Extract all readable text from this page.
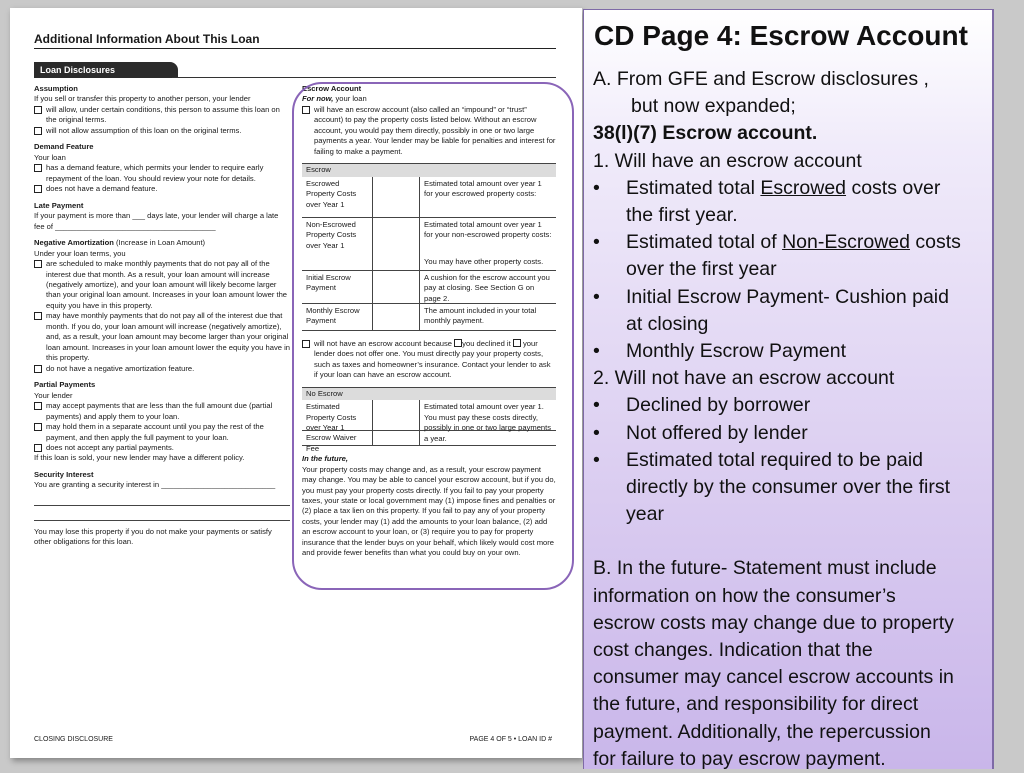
Additional Information About This Loan
Loan Disclosures
Assumption
If you sell or transfer this property to another person, your lender
will allow, under certain conditions, this person to assume this loan on the original terms.
will not allow assumption of this loan on the original terms.
Demand Feature
Your loan
has a demand feature, which permits your lender to require early repayment of the loan. You should review your note for details.
does not have a demand feature.
Late Payment
If your payment is more than ___ days late, your lender will charge a late fee of ______________________________________
Negative Amortization (Increase in Loan Amount)
Under your loan terms, you
are scheduled to make monthly payments that do not pay all of the interest due that month. As a result, your loan amount will increase (negatively amortize), and your loan amount will likely become larger than your original loan amount. Increases in your loan amount lower the equity you have in this property.
may have monthly payments that do not pay all of the interest due that month. If you do, your loan amount will increase (negatively amortize), and, as a result, your loan amount may become larger than your original loan amount. Increases in your loan amount lower the equity you have in this property.
do not have a negative amortization feature.
Partial Payments
Your lender
may accept payments that are less than the full amount due (partial payments) and apply them to your loan.
may hold them in a separate account until you pay the rest of the payment, and then apply the full payment to your loan.
does not accept any partial payments.
If this loan is sold, your new lender may have a different policy.
Security Interest
You are granting a security interest in ___________________________
You may lose this property if you do not make your payments or satisfy other obligations for this loan.
Escrow Account
For now, your loan
will have an escrow account (also called an “impound” or “trust” account) to pay the property costs listed below. Without an escrow account, you would pay them directly, possibly in one or two large payments a year. Your lender may be liable for penalties and interest for failing to make a payment.
Escrow
Escrowed Property Costs over Year 1
Estimated total amount over year 1 for your escrowed property costs:
Non-Escrowed Property Costs over Year 1
Estimated total amount over year 1 for your non-escrowed property costs:
You may have other property costs.
Initial Escrow Payment
A cushion for the escrow account you pay at closing. See Section G on page 2.
Monthly Escrow Payment
The amount included in your total monthly payment.
will not have an escrow account because you declined it your lender does not offer one. You must directly pay your property costs, such as taxes and homeowner’s insurance. Contact your lender to ask if your loan can have an escrow account.
No Escrow
Estimated Property Costs over Year 1
Estimated total amount over year 1. You must pay these costs directly, possibly in one or two large payments a year.
Escrow Waiver Fee
In the future,
Your property costs may change and, as a result, your escrow payment may change. You may be able to cancel your escrow account, but if you do, you must pay your property costs directly. If you fail to pay your property taxes, your state or local government may (1) impose fines and penalties or (2) place a tax lien on this property. If you fail to pay any of your property costs, your lender may (1) add the amounts to your loan balance, (2) add an escrow account to your loan, or (3) require you to pay for property insurance that the lender buys on your behalf, which likely would cost more and provide fewer benefits than what you could buy on your own.
CLOSING DISCLOSURE	PAGE 4 OF 5 • LOAN ID #
CD Page 4: Escrow Account
A. From GFE and Escrow disclosures ,
but now expanded;
38(l)(7) Escrow account.
1. Will have an escrow account
• Estimated total Escrowed costs over
the first year.
• Estimated total of Non-Escrowed costs
over the first year
• Initial Escrow Payment- Cushion paid
at closing
• Monthly Escrow Payment
2. Will not have an escrow account
• Declined by borrower
• Not offered by lender
• Estimated total required to be paid
directly by the consumer over the first
year
B. In the future- Statement must include
information on how the consumer’s
escrow costs may change due to property
cost changes. Indication that the
consumer may cancel escrow accounts in
the future, and responsibility for direct
payment. Additionally, the repercussion
for failure to pay escrow payment.
